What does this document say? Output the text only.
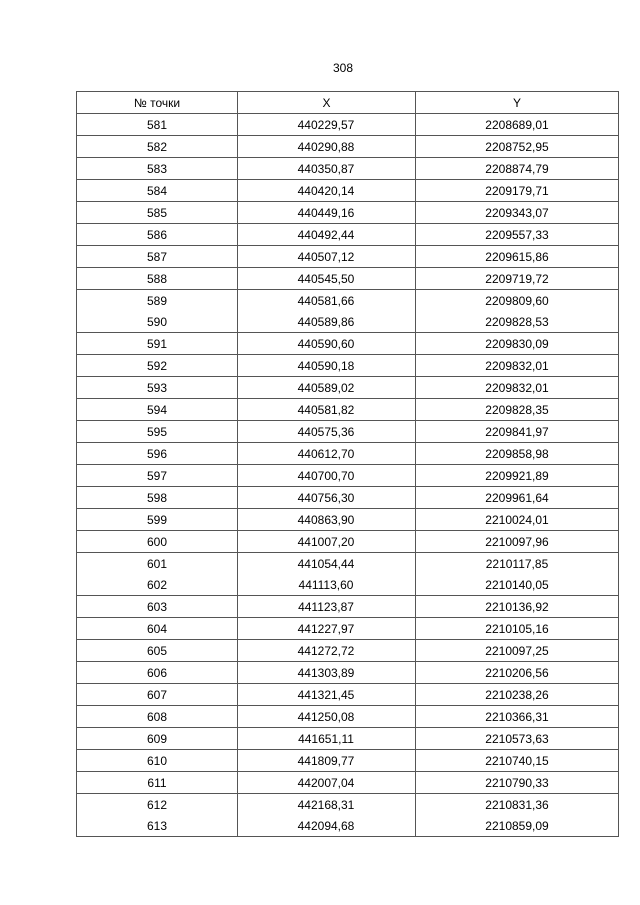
308
№ точки	X	Y
581	440229,57	2208689,01
582	440290,88	2208752,95
583	440350,87	2208874,79
584	440420,14	2209179,71
585	440449,16	2209343,07
586	440492,44	2209557,33
587	440507,12	2209615,86
588	440545,50	2209719,72
589	440581,66	2209809,60
590	440589,86	2209828,53
591	440590,60	2209830,09
592	440590,18	2209832,01
593	440589,02	2209832,01
594	440581,82	2209828,35
595	440575,36	2209841,97
596	440612,70	2209858,98
597	440700,70	2209921,89
598	440756,30	2209961,64
599	440863,90	2210024,01
600	441007,20	2210097,96
601	441054,44	2210117,85
602	441113,60	2210140,05
603	441123,87	2210136,92
604	441227,97	2210105,16
605	441272,72	2210097,25
606	441303,89	2210206,56
607	441321,45	2210238,26
608	441250,08	2210366,31
609	441651,11	2210573,63
610	441809,77	2210740,15
611	442007,04	2210790,33
612	442168,31	2210831,36
613	442094,68	2210859,09
